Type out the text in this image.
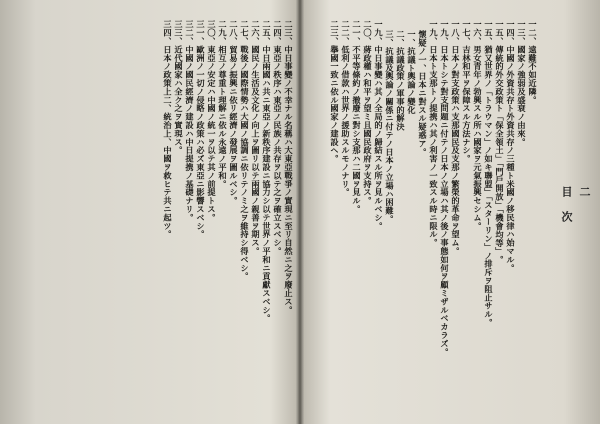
二三、中日事變ノ不幸ナル名稱ハ大東亞戰爭ノ實現ニ至リ自然ニ之ヲ廢止ス。
二四、東亞ノ秩序ハ東亞ノ民族ノ共存ヲ以テ之ヲ確立スベシ。
二五、中日兩國ハ共ニ東亞ノ新秩序建設ニ協力シ以テ世界ノ平和ニ貢獻スベシ。
二六、國民ノ生活及文化ノ向上ヲ圖リ以テ兩國ノ親善ヲ期ス。
二七、戰後ノ國際情勢ハ大國ノ協調ニ依リテノミ之ヲ維持シ得ベシ。
二八、貿易ノ振興ニ依リ經濟ノ發展ヲ圖ルベシ。
二九、相互ノ尊重ト理解ニ依ル永遠ノ平和。
三〇、東亞ノ安定ハ中國ノ統一ヲ以テ其ノ前提トス。
三一、歐洲ノ一切ノ侵略ノ政策ハ必ズ東亞ニ影響スベシ。
三二、中國ノ國民經濟ノ建設ハ中日提携ノ基礎ナリ。
三三、近代國家ハ全ク之ヲ實現ス。
三四、日本ノ政策上二、統治上、中國ヲ救ヒテ共ニ起ツ。	二
目次
一二、遠難不如近隣。
一三、國家ノ強弱及盛衰ノ由來。
一四、中國ノ外資共存ト外資共存ノ三種ト米國ノ移民律ハ始マル。
一五、傳統的外交政策ト「保全領土」「門戶開放」「機會均等」。
一五、猶又世界ノ「トラウマン」ノ如キ聯盟」「スターリン」ノ排斥ヲ阻止サル。
一六、男女青年ノ勃興スル所ハ國家ヲ元氣振興セシム。
一七、吉林和平ヲ保障スル方法ナシ。
一八、日本ノ對支政策ハ支那國民及支那ノ繁榮的革命ヲ望ム。
一九、日本トシテ對支問題ニ付テノ日本ノ立場ハ其ノ後ノ事態如何ヲ顧ミザルベカラズ。
一九、日本ト支那トノ提携ハ其ノ利害ノ一致スル時ニ限ル。
懷疑ノ一、日本ニ對スル疑惑ア。
一、抗議ト輿論ノ變化
二、抗議政策ノ軍事的解決
三、抗議及輿論ノ關係ニ付テノ日本ノ立場ハ困難。
一九、中日事變ハ其ノ全局的ノ歸結スル所ヲ見ルベシ。
二〇、蔣政權ハ和平ヲ望ミ且國民政府ヲ支持ス。
二一、不平等條約ノ撤廢ニ對シ支那ハ二國ヲ見ル。
二二、低利ノ借款ハ世界ノ援助スルモノナリ。
二三、擧國一致ニ依ル國家ノ建設ヘ。
